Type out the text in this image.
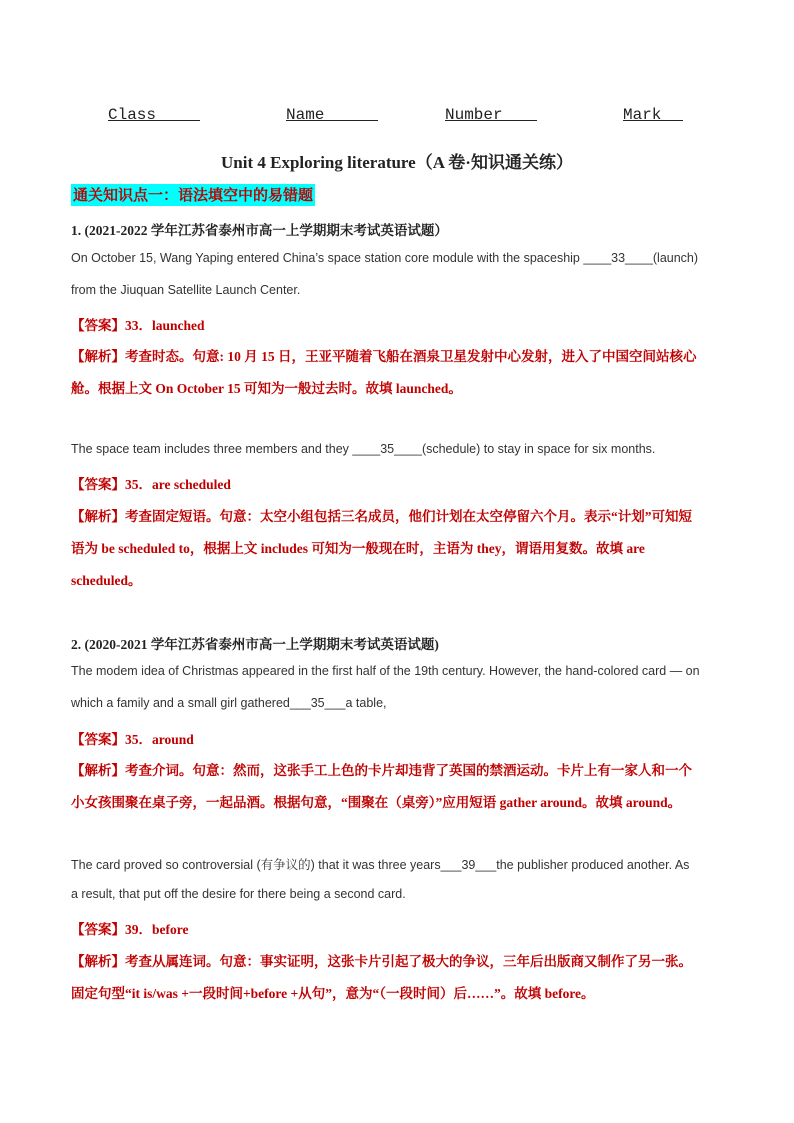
Class	Name	Number	Mark
Unit 4 Exploring literature（A 卷·知识通关练）
通关知识点一：语法填空中的易错题
1. (2021-2022 学年江苏省泰州市高一上学期期末考试英语试题）
On October 15, Wang Yaping entered China’s space station core module with the spaceship ____33____(launch)
from the Jiuquan Satellite Launch Center.
【答案】33．launched
【解析】考查时态。句意: 10 月 15 日，王亚平随着飞船在酒泉卫星发射中心发射，进入了中国空间站核心
舱。根据上文 On October 15 可知为一般过去时。故填 launched。
The space team includes three members and they ____35____(schedule) to stay in space for six months.
【答案】35．are scheduled
【解析】考查固定短语。句意：太空小组包括三名成员，他们计划在太空停留六个月。表示“计划”可知短
语为 be scheduled to，根据上文 includes 可知为一般现在时，主语为 they，谓语用复数。故填 are
scheduled。
2. (2020-2021 学年江苏省泰州市高一上学期期末考试英语试题)
The modem idea of Christmas appeared in the first half of the 19th century. However, the hand-colored card — on
which a family and a small girl gathered___35___a table,
【答案】35．around
【解析】考查介词。句意：然而，这张手工上色的卡片却违背了英国的禁酒运动。卡片上有一家人和一个
小女孩围聚在桌子旁，一起品酒。根据句意，“围聚在（桌旁）”应用短语 gather around。故填 around。
The card proved so controversial (有争议的) that it was three years___39___the publisher produced another. As
a result, that put off the desire for there being a second card.
【答案】39．before
【解析】考查从属连词。句意：事实证明，这张卡片引起了极大的争议，三年后出版商又制作了另一张。
固定句型“it is/was +一段时间+before +从句”，意为“（一段时间）后……”。故填 before。
